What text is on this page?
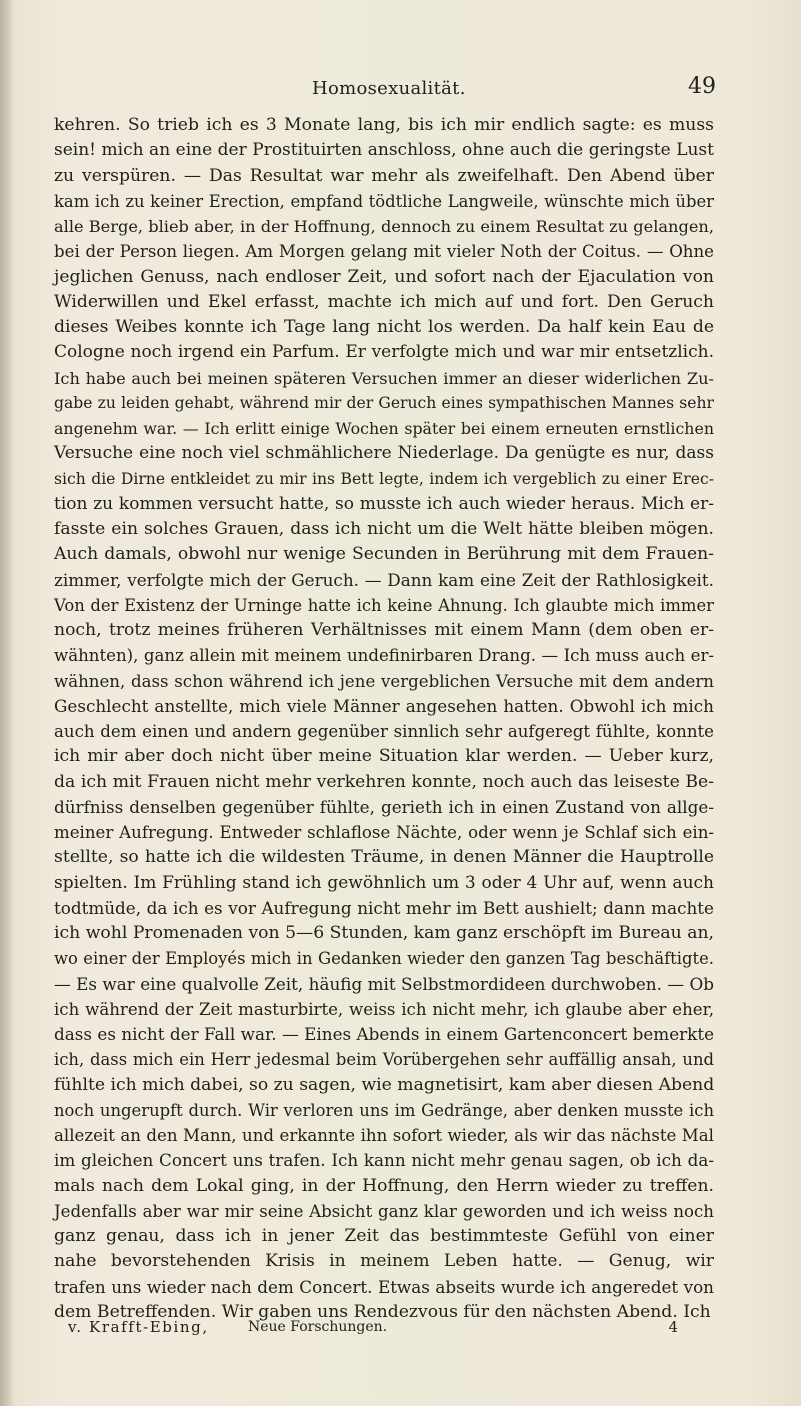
Homosexualität.	49
kehren. So trieb ich es 3 Monate lang, bis ich mir endlich sagte: es muss
sein! mich an eine der Prostituirten anschloss, ohne auch die geringste Lust
zu verspüren. — Das Resultat war mehr als zweifelhaft. Den Abend über
kam ich zu keiner Erection, empfand tödtliche Langweile, wünschte mich über
alle Berge, blieb aber, in der Hoffnung, dennoch zu einem Resultat zu gelangen,
bei der Person liegen. Am Morgen gelang mit vieler Noth der Coitus. — Ohne
jeglichen Genuss, nach endloser Zeit, und sofort nach der Ejaculation von
Widerwillen und Ekel erfasst, machte ich mich auf und fort. Den Geruch
dieses Weibes konnte ich Tage lang nicht los werden. Da half kein Eau de
Cologne noch irgend ein Parfum. Er verfolgte mich und war mir entsetzlich.
Ich habe auch bei meinen späteren Versuchen immer an dieser widerlichen Zu-
gabe zu leiden gehabt, während mir der Geruch eines sympathischen Mannes sehr
angenehm war. — Ich erlitt einige Wochen später bei einem erneuten ernstlichen
Versuche eine noch viel schmählichere Niederlage. Da genügte es nur, dass
sich die Dirne entkleidet zu mir ins Bett legte, indem ich vergeblich zu einer Erec-
tion zu kommen versucht hatte, so musste ich auch wieder heraus. Mich er-
fasste ein solches Grauen, dass ich nicht um die Welt hätte bleiben mögen.
Auch damals, obwohl nur wenige Secunden in Berührung mit dem Frauen-
zimmer, verfolgte mich der Geruch. — Dann kam eine Zeit der Rathlosigkeit.
Von der Existenz der Urninge hatte ich keine Ahnung. Ich glaubte mich immer
noch, trotz meines früheren Verhältnisses mit einem Mann (dem oben er-
wähnten), ganz allein mit meinem undefinirbaren Drang. — Ich muss auch er-
wähnen, dass schon während ich jene vergeblichen Versuche mit dem andern
Geschlecht anstellte, mich viele Männer angesehen hatten. Obwohl ich mich
auch dem einen und andern gegenüber sinnlich sehr aufgeregt fühlte, konnte
ich mir aber doch nicht über meine Situation klar werden. — Ueber kurz,
da ich mit Frauen nicht mehr verkehren konnte, noch auch das leiseste Be-
dürfniss denselben gegenüber fühlte, gerieth ich in einen Zustand von allge-
meiner Aufregung. Entweder schlaflose Nächte, oder wenn je Schlaf sich ein-
stellte, so hatte ich die wildesten Träume, in denen Männer die Hauptrolle
spielten. Im Frühling stand ich gewöhnlich um 3 oder 4 Uhr auf, wenn auch
todtmüde, da ich es vor Aufregung nicht mehr im Bett aushielt; dann machte
ich wohl Promenaden von 5—6 Stunden, kam ganz erschöpft im Bureau an,
wo einer der Employés mich in Gedanken wieder den ganzen Tag beschäftigte.
— Es war eine qualvolle Zeit, häufig mit Selbstmordideen durchwoben. — Ob
ich während der Zeit masturbirte, weiss ich nicht mehr, ich glaube aber eher,
dass es nicht der Fall war. — Eines Abends in einem Gartenconcert bemerkte
ich, dass mich ein Herr jedesmal beim Vorübergehen sehr auffällig ansah, und
fühlte ich mich dabei, so zu sagen, wie magnetisirt, kam aber diesen Abend
noch ungerupft durch. Wir verloren uns im Gedränge, aber denken musste ich
allezeit an den Mann, und erkannte ihn sofort wieder, als wir das nächste Mal
im gleichen Concert uns trafen. Ich kann nicht mehr genau sagen, ob ich da-
mals nach dem Lokal ging, in der Hoffnung, den Herrn wieder zu treffen.
Jedenfalls aber war mir seine Absicht ganz klar geworden und ich weiss noch
ganz genau, dass ich in jener Zeit das bestimmteste Gefühl von einer
nahe bevorstehenden Krisis in meinem Leben hatte. — Genug, wir
trafen uns wieder nach dem Concert. Etwas abseits wurde ich angeredet von
dem Betreffenden. Wir gaben uns Rendezvous für den nächsten Abend. Ich
v. Krafft-Ebing,	Neue Forschungen.	4
